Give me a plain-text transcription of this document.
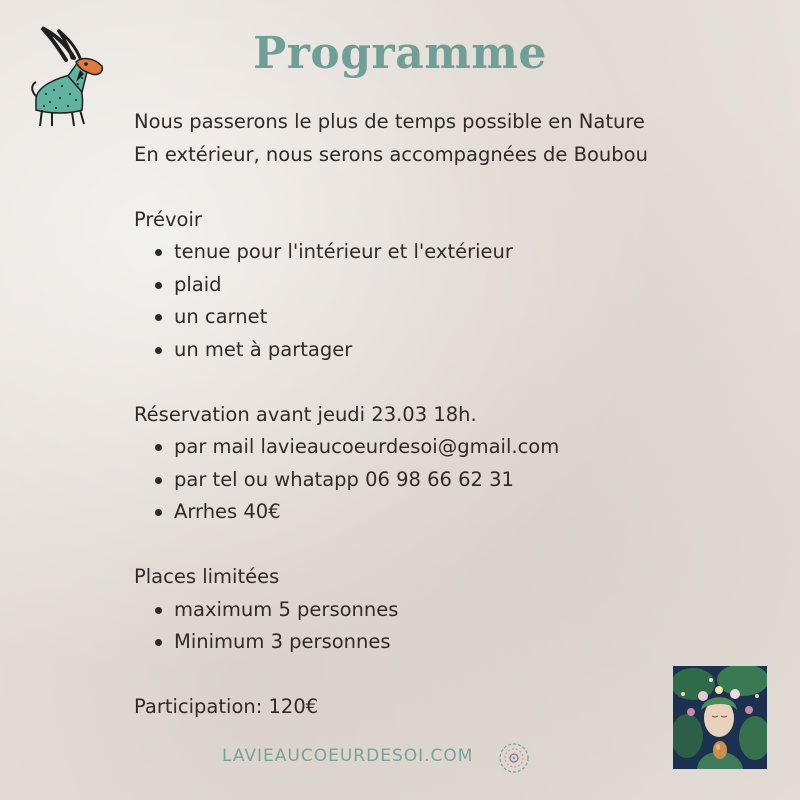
Programme
Nous passerons le plus de temps possible en Nature
En extérieur, nous serons accompagnées de Boubou
Prévoir
tenue pour l'intérieur et l'extérieur
plaid
un carnet
un met à partager
Réservation avant jeudi 23.03 18h.
par mail lavieaucoeurdesoi@gmail.com
par tel ou whatapp 06 98 66 62 31
Arrhes 40€
Places limitées
maximum 5 personnes
Minimum 3 personnes
Participation: 120€
LAVIEAUCOEURDESOI.COM
